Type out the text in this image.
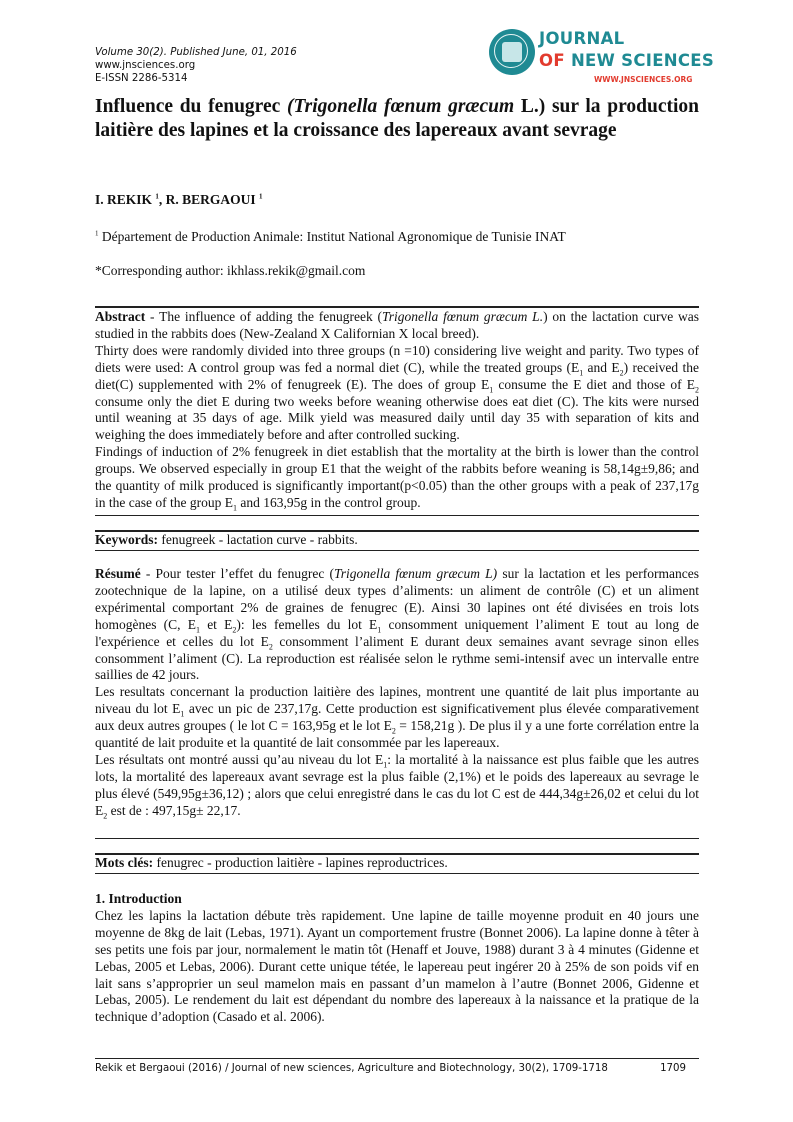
Volume 30(2). Published June, 01, 2016
www.jnsciences.org
E-ISSN 2286-5314
JOURNAL
OF NEW SCIENCES
WWW.JNSCIENCES.ORG
Influence du fenugrec (Trigonella fœnum græcum L.) sur la production laitière des lapines et la croissance des lapereaux avant sevrage
I. REKIK $^1$, R. BERGAOUI $^1$
$^1$ Département de Production Animale: Institut National Agronomique de Tunisie INAT
*Corresponding author: ikhlass.rekik@gmail.com

Abstract - The influence of adding the fenugreek (Trigonella fœnum græcum L.) on the lactation curve was studied in the rabbits does (New-Zealand X Californian X local breed).

Thirty does were randomly divided into three groups (n =10) considering live weight and parity. Two types of diets were used: A control group was fed a normal diet (C), while the treated groups ($E_1$ and $E_2$) received the diet(C) supplemented with 2% of fenugreek (E). The does of group $E_1$ consume the E diet and those of $E_2$ consume only the diet E during two weeks before weaning otherwise does eat diet (C). The kits were nursed until weaning at 35 days of age. Milk yield was measured daily until day 35 with separation of kits and weighing the does immediately before and after controlled sucking.

Findings of induction of 2% fenugreek in diet establish that the mortality at the birth is lower than the control groups. We observed especially in group E1 that the weight of the rabbits before weaning is 58,14g±9,86; and the quantity of milk produced is significantly important(p<0.05) than the other groups with a peak of 237,17g in the case of the group $E_1$ and 163,95g in the control group.

Keywords: fenugreek - lactation curve - rabbits.

Résumé - Pour tester l’effet du fenugrec (Trigonella fœnum græcum L) sur la lactation et les performances zootechnique de la lapine, on a utilisé deux types d’aliments: un aliment de contrôle (C) et un aliment expérimental comportant 2% de graines de fenugrec (E). Ainsi 30 lapines ont été divisées en trois lots homogènes (C, $E_1$ et $E_2$): les femelles du lot $E_1$ consomment uniquement l’aliment E tout au long de l'expérience et celles du lot $E_2$ consomment l’aliment E durant deux semaines avant sevrage sinon elles consomment l’aliment (C). La reproduction est réalisée selon le rythme semi-intensif avec un intervalle entre saillies de 42 jours.

Les resultats concernant la production laitière des lapines, montrent une quantité de lait plus importante au niveau du lot $E_1$ avec un pic de 237,17g. Cette production est significativement plus élevée comparativement aux deux autres groupes ( le lot C = 163,95g et le lot $E_2 = 158,21g$ ). De plus il y a une forte corrélation entre la quantité de lait produite et la quantité de lait consommée par les lapereaux.

Les résultats ont montré aussi qu’au niveau du lot $E_1$: la mortalité à la naissance est plus faible que les autres lots, la mortalité des lapereaux avant sevrage est la plus faible (2,1%) et le poids des lapereaux au sevrage le plus élevé (549,95g±36,12) ; alors que celui enregistré dans le cas du lot C est de 444,34g±26,02 et celui du lot $E_2$ est de : 497,15g± 22,17.

Mots clés: fenugrec - production laitière - lapines reproductrices.

1. Introduction

Chez les lapins la lactation débute très rapidement. Une lapine de taille moyenne produit en 40 jours une moyenne de 8kg de lait (Lebas, 1971). Ayant un comportement frustre (Bonnet 2006). La lapine donne à têter à ses petits une fois par jour, normalement le matin tôt (Henaff et Jouve, 1988) durant 3 à 4 minutes (Gidenne et Lebas, 2005 et Lebas, 2006). Durant cette unique tétée, le lapereau peut ingérer 20 à 25% de son poids vif en lait sans s’approprier un seul mamelon mais en passant d’un mamelon à l’autre (Bonnet 2006, Gidenne et Lebas, 2005). Le rendement du lait est dépendant du nombre des lapereaux à la naissance et la pratique de la technique d’adoption (Casado et al. 2006).

Rekik et Bergaoui (2016) / Journal of new sciences, Agriculture and Biotechnology, 30(2), 1709-1718	1709
